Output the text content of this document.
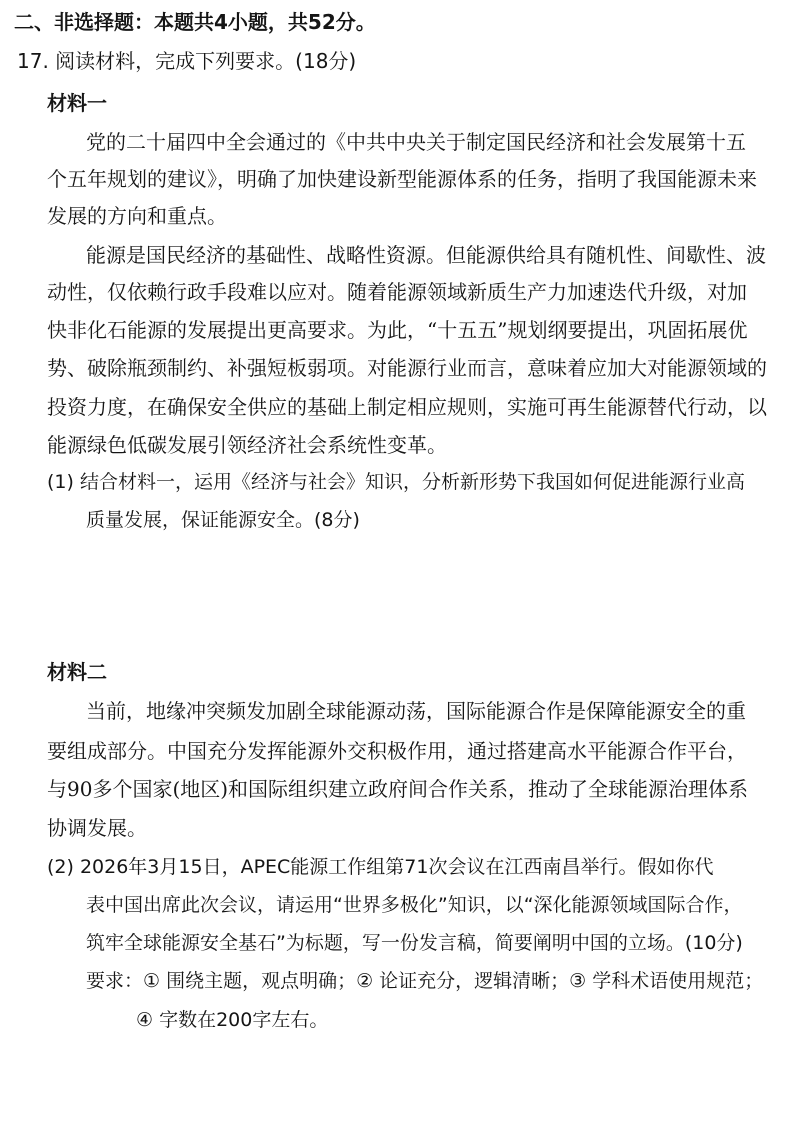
二、非选择题：本题共4小题，共52分。
17. 阅读材料，完成下列要求。(18分)
材料一
党的二十届四中全会通过的《中共中央关于制定国民经济和社会发展第十五
个五年规划的建议》，明确了加快建设新型能源体系的任务，指明了我国能源未来
发展的方向和重点。
能源是国民经济的基础性、战略性资源。但能源供给具有随机性、间歇性、波
动性，仅依赖行政手段难以应对。随着能源领域新质生产力加速迭代升级，对加
快非化石能源的发展提出更高要求。为此，“十五五”规划纲要提出，巩固拓展优
势、破除瓶颈制约、补强短板弱项。对能源行业而言，意味着应加大对能源领域的
投资力度，在确保安全供应的基础上制定相应规则，实施可再生能源替代行动，以
能源绿色低碳发展引领经济社会系统性变革。
(1) 结合材料一，运用《经济与社会》知识，分析新形势下我国如何促进能源行业高
质量发展，保证能源安全。(8分)
材料二
当前，地缘冲突频发加剧全球能源动荡，国际能源合作是保障能源安全的重
要组成部分。中国充分发挥能源外交积极作用，通过搭建高水平能源合作平台，
与90多个国家(地区)和国际组织建立政府间合作关系，推动了全球能源治理体系
协调发展。
(2) 2026年3月15日，APEC能源工作组第71次会议在江西南昌举行。假如你代
表中国出席此次会议，请运用“世界多极化”知识，以“深化能源领域国际合作，
筑牢全球能源安全基石”为标题，写一份发言稿，简要阐明中国的立场。(10分)
要求：① 围绕主题，观点明确；② 论证充分，逻辑清晰；③ 学科术语使用规范；
④ 字数在200字左右。
